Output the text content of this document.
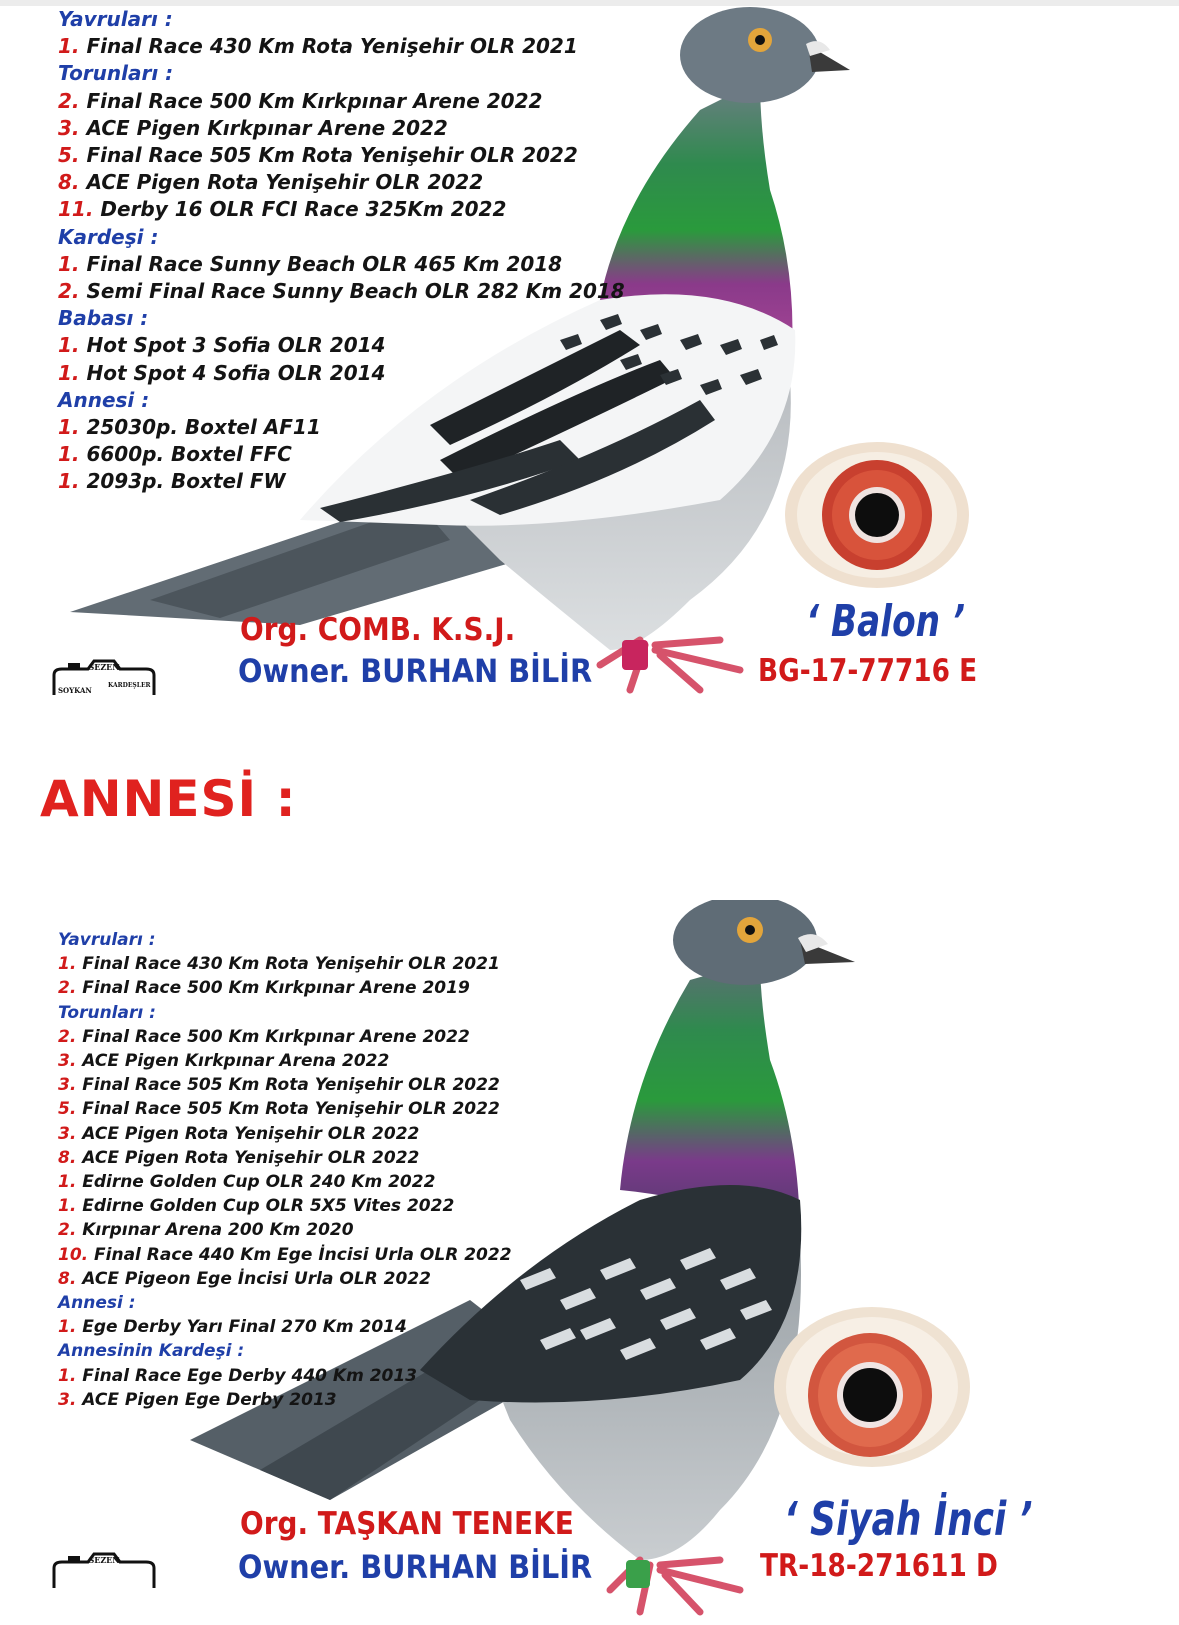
Yavruları :
1. Final Race 430 Km Rota Yenişehir OLR 2021
Torunları :
2. Final Race 500 Km Kırkpınar Arene 2022
3. ACE Pigen Kırkpınar Arene 2022
5. Final Race 505 Km Rota Yenişehir OLR 2022
8. ACE Pigen Rota Yenişehir OLR 2022
11. Derby 16 OLR FCI Race 325Km 2022
Kardeşi :
1. Final Race Sunny Beach OLR 465 Km 2018
2. Semi Final Race Sunny Beach OLR 282 Km 2018
Babası :
1. Hot Spot 3 Sofia OLR 2014
1. Hot Spot 4 Sofia OLR 2014
Annesi :
1. 25030p. Boxtel AF11
1. 6600p. Boxtel FFC
1. 2093p. Boxtel FW
Org. COMB. K.S.J.
Owner. BURHAN BİLİR
‘ Balon ’
BG-17-77716 E
SEZEN
SOYKAN
KARDEŞLER
ANNESİ :
Yavruları :
1. Final Race 430 Km Rota Yenişehir OLR 2021
2. Final Race 500 Km Kırkpınar Arene 2019
Torunları :
2. Final Race 500 Km Kırkpınar Arene 2022
3. ACE Pigen Kırkpınar Arena 2022
3. Final Race 505 Km Rota Yenişehir OLR 2022
5. Final Race 505 Km Rota Yenişehir OLR 2022
3. ACE Pigen Rota Yenişehir OLR 2022
8. ACE Pigen Rota Yenişehir OLR 2022
1. Edirne Golden Cup OLR 240 Km 2022
1. Edirne Golden Cup OLR 5X5 Vites 2022
2. Kırpınar Arena 200 Km 2020
10. Final Race 440 Km Ege İncisi Urla OLR 2022
8. ACE Pigeon Ege İncisi Urla OLR 2022
Annesi :
1. Ege Derby Yarı Final 270 Km 2014
Annesinin Kardeşi :
1. Final Race Ege Derby 440 Km 2013
3. ACE Pigen Ege Derby 2013
Org. TAŞKAN TENEKE
Owner. BURHAN BİLİR
‘ Siyah İnci ’
TR-18-271611 D
SEZEN
